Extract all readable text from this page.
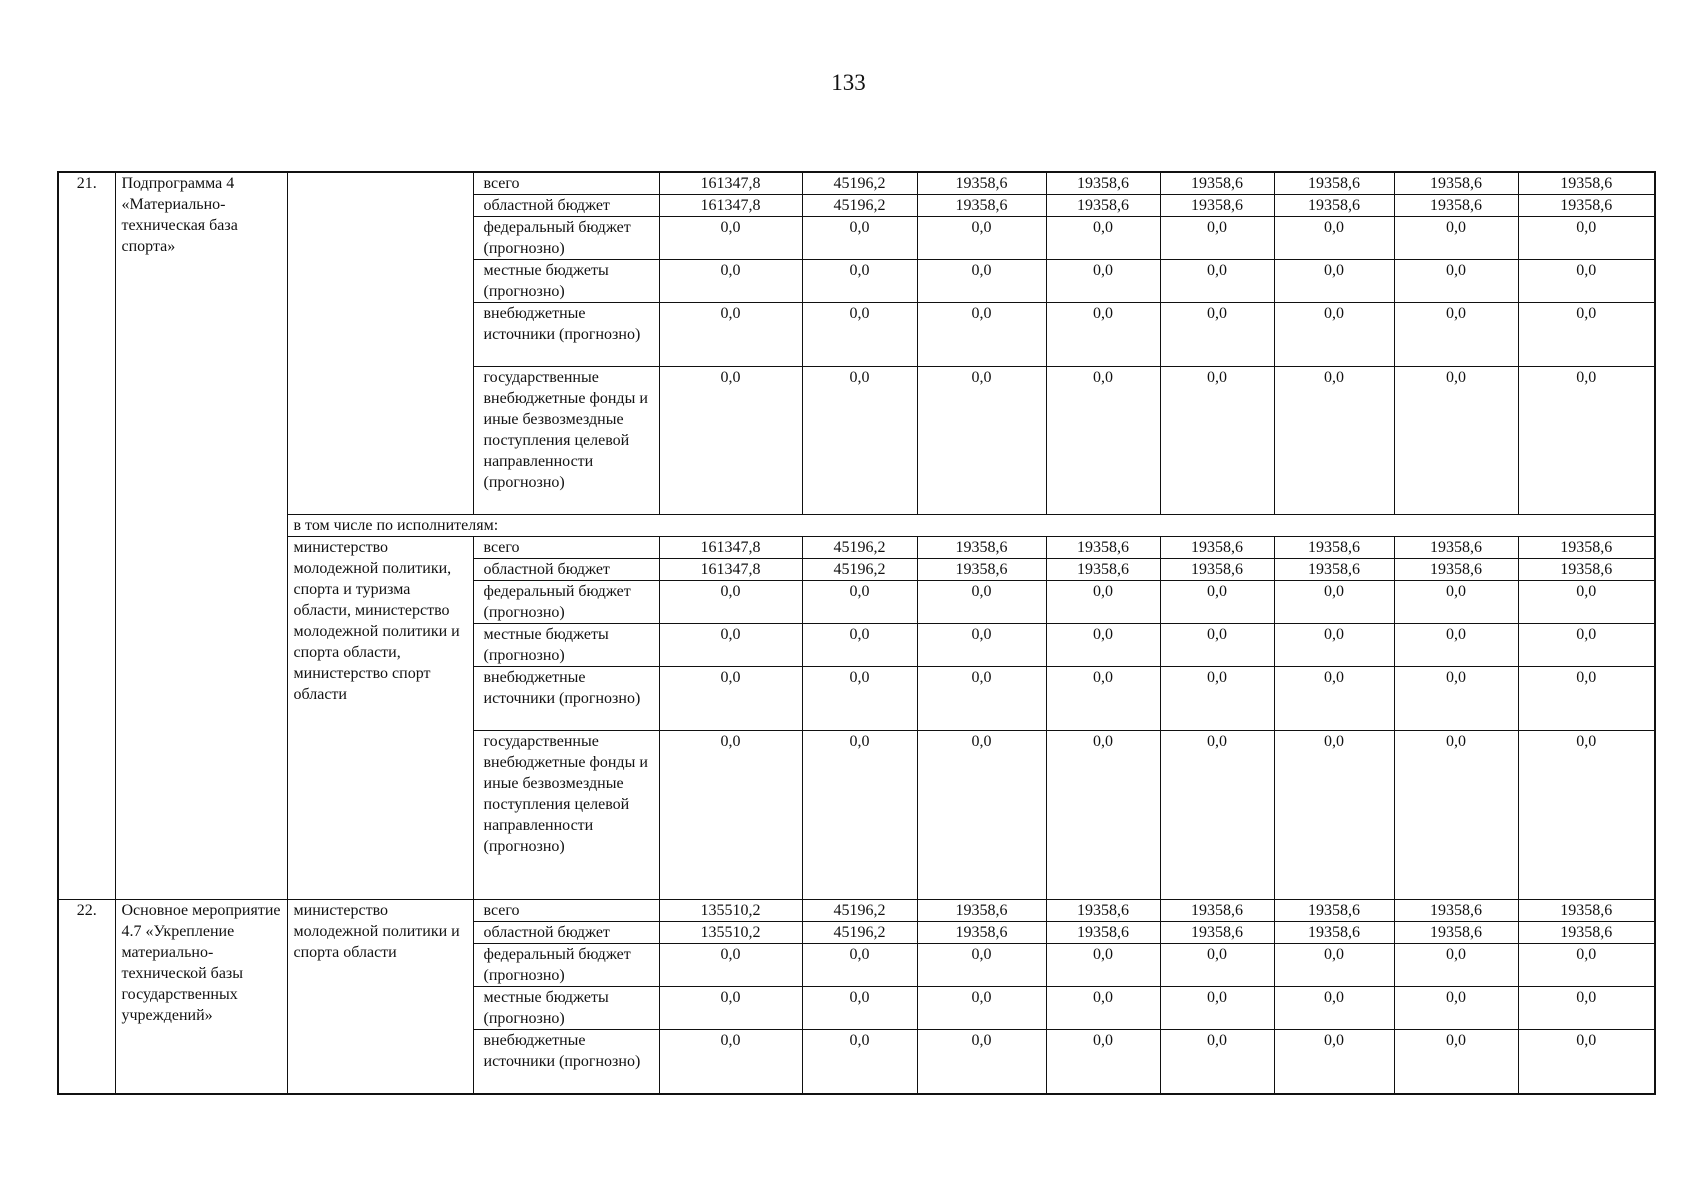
133
21.	Подпрограмма 4 «Материально-техническая база спорта»		всего	161347,8	45196,2	19358,6	19358,6	19358,6	19358,6	19358,6	19358,6
			областной бюджет	161347,8	45196,2	19358,6	19358,6	19358,6	19358,6	19358,6	19358,6
			федеральный бюджет (прогнозно)	0,0	0,0	0,0	0,0	0,0	0,0	0,0	0,0
			местные бюджеты (прогнозно)	0,0	0,0	0,0	0,0	0,0	0,0	0,0	0,0
			внебюджетные источники (прогнозно)	0,0	0,0	0,0	0,0	0,0	0,0	0,0	0,0
			государственные внебюджетные фонды и иные безвозмездные поступления целевой направленности (прогнозно)	0,0	0,0	0,0	0,0	0,0	0,0	0,0	0,0
		в том числе по исполнителям:									
		министерство молодежной политики, спорта и туризма области, министерство молодежной политики и спорта области, министерство спорт области	всего	161347,8	45196,2	19358,6	19358,6	19358,6	19358,6	19358,6	19358,6
			областной бюджет	161347,8	45196,2	19358,6	19358,6	19358,6	19358,6	19358,6	19358,6
			федеральный бюджет (прогнозно)	0,0	0,0	0,0	0,0	0,0	0,0	0,0	0,0
			местные бюджеты (прогнозно)	0,0	0,0	0,0	0,0	0,0	0,0	0,0	0,0
			внебюджетные источники (прогнозно)	0,0	0,0	0,0	0,0	0,0	0,0	0,0	0,0
			государственные внебюджетные фонды и иные безвозмездные поступления целевой направленности (прогнозно)	0,0	0,0	0,0	0,0	0,0	0,0	0,0	0,0
22.	Основное мероприятие 4.7 «Укрепление материально-технической базы государственных учреждений»	министерство молодежной политики и спорта области	всего	135510,2	45196,2	19358,6	19358,6	19358,6	19358,6	19358,6	19358,6
			областной бюджет	135510,2	45196,2	19358,6	19358,6	19358,6	19358,6	19358,6	19358,6
			федеральный бюджет (прогнозно)	0,0	0,0	0,0	0,0	0,0	0,0	0,0	0,0
			местные бюджеты (прогнозно)	0,0	0,0	0,0	0,0	0,0	0,0	0,0	0,0
			внебюджетные источники (прогнозно)	0,0	0,0	0,0	0,0	0,0	0,0	0,0	0,0
